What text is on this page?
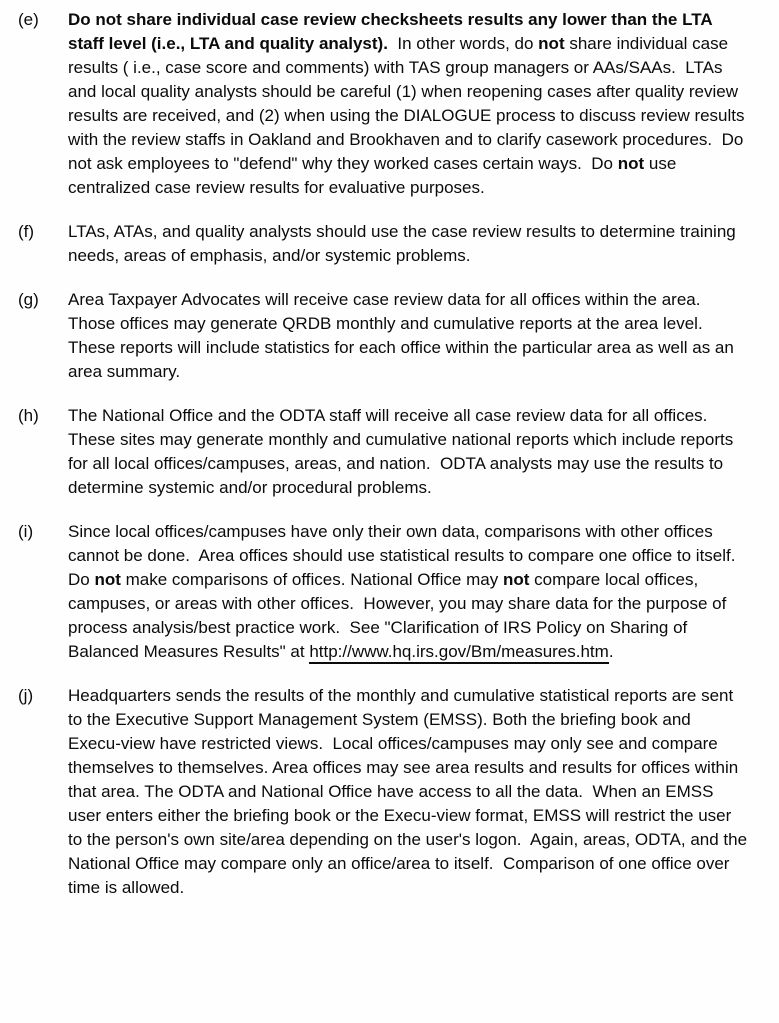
(e)	Do not share individual case review checksheets results any lower than the LTA staff level (i.e., LTA and quality analyst).  In other words, do not share individual case results ( i.e., case score and comments) with TAS group managers or AAs/SAAs.  LTAs and local quality analysts should be careful (1) when reopening cases after quality review results are received, and (2) when using the DIALOGUE process to discuss review results with the review staffs in Oakland and Brookhaven and to clarify casework procedures.  Do not ask employees to "defend" why they worked cases certain ways.  Do not use centralized case review results for evaluative purposes.
(f)	LTAs, ATAs, and quality analysts should use the case review results to determine training needs, areas of emphasis, and/or systemic problems.
(g)	Area Taxpayer Advocates will receive case review data for all offices within the area.  Those offices may generate QRDB monthly and cumulative reports at the area level.  These reports will include statistics for each office within the particular area as well as an area summary.
(h)	The National Office and the ODTA staff will receive all case review data for all offices.  These sites may generate monthly and cumulative national reports which include reports for all local offices/campuses, areas, and nation.  ODTA analysts may use the results to determine systemic and/or procedural problems.
(i)	Since local offices/campuses have only their own data, comparisons with other offices cannot be done.  Area offices should use statistical results to compare one office to itself.  Do not make comparisons of offices. National Office may not compare local offices, campuses, or areas with other offices.  However, you may share data for the purpose of process analysis/best practice work.  See "Clarification of IRS Policy on Sharing of Balanced Measures Results" at http://www.hq.irs.gov/Bm/measures.htm.
(j)	Headquarters sends the results of the monthly and cumulative statistical reports are sent to the Executive Support Management System (EMSS). Both the briefing book and Execu-view have restricted views.  Local offices/campuses may only see and compare themselves to themselves. Area offices may see area results and results for offices within that area. The ODTA and National Office have access to all the data.  When an EMSS user enters either the briefing book or the Execu-view format, EMSS will restrict the user to the person's own site/area depending on the user's logon.  Again, areas, ODTA, and the National Office may compare only an office/area to itself.  Comparison of one office over time is allowed.
